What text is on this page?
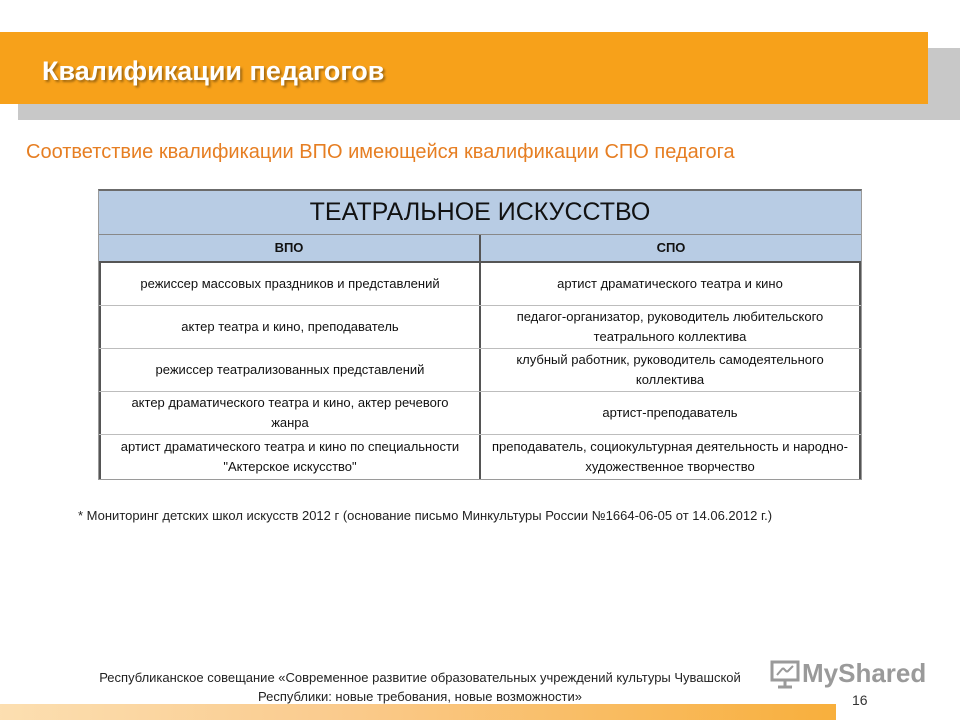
Квалификации педагогов
Соответствие квалификации ВПО имеющейся квалификации СПО педагога
ТЕАТРАЛЬНОЕ ИСКУССТВО
ВПО	СПО
режиссер массовых праздников и представлений	артист драматического театра и кино
актер театра и кино, преподаватель
педагог-организатор, руководитель любительского театрального коллектива
режиссер театрализованных представлений
клубный работник, руководитель самодеятельного коллектива
актер драматического театра и кино, актер речевого жанра
артист-преподаватель
артист драматического театра и кино по специальности "Актерское искусство"
преподаватель, социокультурная деятельность и народно-художественное творчество
* Мониторинг детских школ искусств 2012 г (основание письмо Минкультуры России №1664-06-05 от 14.06.2012 г.)
Республиканское совещание «Современное развитие образовательных учреждений культуры Чувашской
Республики: новые требования, новые возможности»
MyShared
16
